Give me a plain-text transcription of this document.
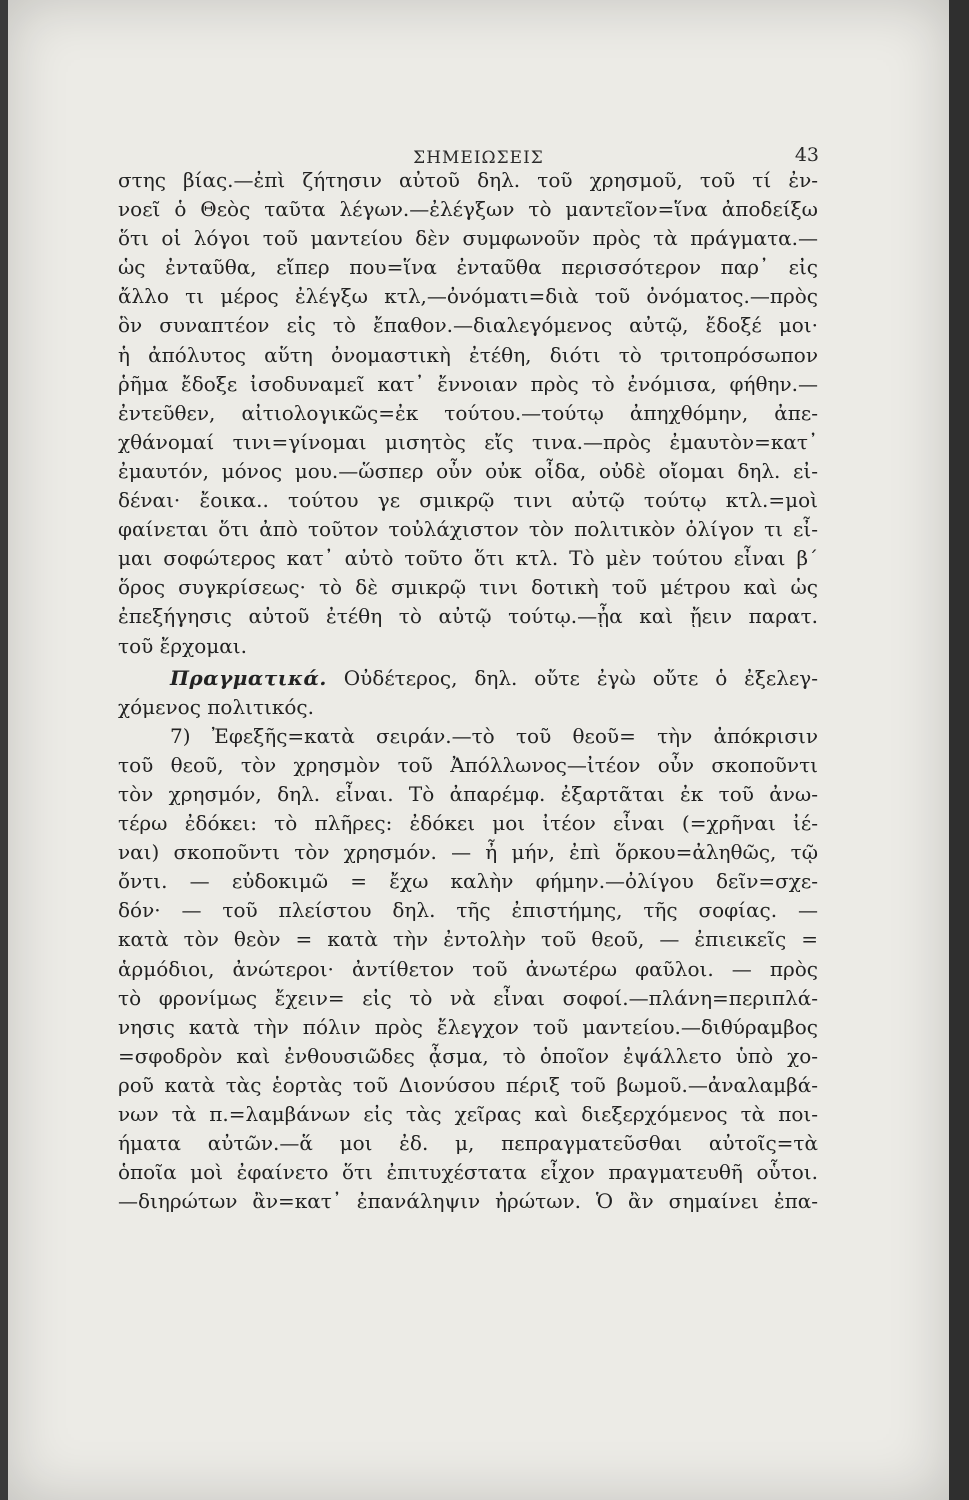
ΣΗΜΕΙΩΣΕΙΣ	43
στης βίας.—ἐπὶ ζήτησιν αὐτοῦ δηλ. τοῦ χρησμοῦ, τοῦ τί ἐν-
νοεῖ ὁ Θεὸς ταῦτα λέγων.—ἐλέγξων τὸ μαντεῖον=ἵνα ἀποδείξω
ὅτι οἱ λόγοι τοῦ μαντείου δὲν συμφωνοῦν πρὸς τὰ πράγματα.—
ὡς ἐνταῦθα, εἴπερ που=ἵνα ἐνταῦθα περισσότερον παρ᾿ εἰς
ἄλλο τι μέρος ἐλέγξω κτλ,—ὀνόματι=διὰ τοῦ ὀνόματος.—πρὸς
ὃν συναπτέον εἰς τὸ ἔπαθον.—διαλεγόμενος αὐτῷ, ἔδοξέ μοι·
ἡ ἀπόλυτος αὕτη ὀνομαστικὴ ἐτέθη, διότι τὸ τριτοπρόσωπον
ῥῆμα ἔδοξε ἰσοδυναμεῖ κατ᾿ ἔννοιαν πρὸς τὸ ἐνόμισα, φήθην.—
ἐντεῦθεν, αἰτιολογικῶς=ἐκ τούτου.—τούτῳ ἀπηχθόμην, ἀπε-
χθάνομαί τινι=γίνομαι μισητὸς εἴς τινα.—πρὸς ἐμαυτὸν=κατ᾿
ἐμαυτόν, μόνος μου.—ὥσπερ οὖν οὐκ οἶδα, οὐδὲ οἴομαι δηλ. εἰ-
δέναι· ἔοικα.. τούτου γε σμικρῷ τινι αὐτῷ τούτῳ κτλ.=μοὶ
φαίνεται ὅτι ἀπὸ τοῦτον τοὐλάχιστον τὸν πολιτικὸν ὀλίγον τι εἶ-
μαι σοφώτερος κατ᾿ αὐτὸ τοῦτο ὅτι κτλ. Τὸ μὲν τούτου εἶναι β΄
ὅρος συγκρίσεως· τὸ δὲ σμικρῷ τινι δοτικὴ τοῦ μέτρου καὶ ὡς
ἐπεξήγησις αὐτοῦ ἐτέθη τὸ αὐτῷ τούτῳ.—ᾖα καὶ ᾔειν παρατ.
τοῦ ἔρχομαι.
Πραγματικά. Οὐδέτερος, δηλ. οὔτε ἐγὼ οὔτε ὁ ἐξελεγ-
χόμενος πολιτικός.
7) Ἐφεξῆς=κατὰ σειράν.—τὸ τοῦ θεοῦ= τὴν ἀπόκρισιν
τοῦ θεοῦ, τὸν χρησμὸν τοῦ Ἀπόλλωνος—ἰτέον οὖν σκοποῦντι
τὸν χρησμόν, δηλ. εἶναι. Τὸ ἀπαρέμφ. ἐξαρτᾶται ἐκ τοῦ ἀνω-
τέρω ἐδόκει: τὸ πλῆρες: ἐδόκει μοι ἰτέον εἶναι (=χρῆναι ἰέ-
ναι) σκοποῦντι τὸν χρησμόν. — ἦ μήν, ἐπὶ ὅρκου=ἀληθῶς, τῷ
ὄντι. — εὐδοκιμῶ = ἔχω καλὴν φήμην.—ὀλίγου δεῖν=σχε-
δόν· — τοῦ πλείστου δηλ. τῆς ἐπιστήμης, τῆς σοφίας. —
κατὰ τὸν θεὸν = κατὰ τὴν ἐντολὴν τοῦ θεοῦ, — ἐπιεικεῖς =
ἁρμόδιοι, ἀνώτεροι· ἀντίθετον τοῦ ἀνωτέρω φαῦλοι. — πρὸς
τὸ φρονίμως ἔχειν= εἰς τὸ νὰ εἶναι σοφοί.—πλάνη=περιπλά-
νησις κατὰ τὴν πόλιν πρὸς ἔλεγχον τοῦ μαντείου.—διθύραμβος
=σφοδρὸν καὶ ἐνθουσιῶδες ᾆσμα, τὸ ὁποῖον ἐψάλλετο ὑπὸ χο-
ροῦ κατὰ τὰς ἑορτὰς τοῦ Διονύσου πέριξ τοῦ βωμοῦ.—ἀναλαμβά-
νων τὰ π.=λαμβάνων εἰς τὰς χεῖρας καὶ διεξερχόμενος τὰ ποι-
ήματα αὐτῶν.—ἅ μοι ἐδ. μ, πεπραγματεῦσθαι αὐτοῖς=τὰ
ὁποῖα μοὶ ἐφαίνετο ὅτι ἐπιτυχέστατα εἶχον πραγματευθῆ οὗτοι.
—διηρώτων ἂν=κατ᾿ ἐπανάληψιν ἠρώτων. Ὁ ἂν σημαίνει ἐπα-
